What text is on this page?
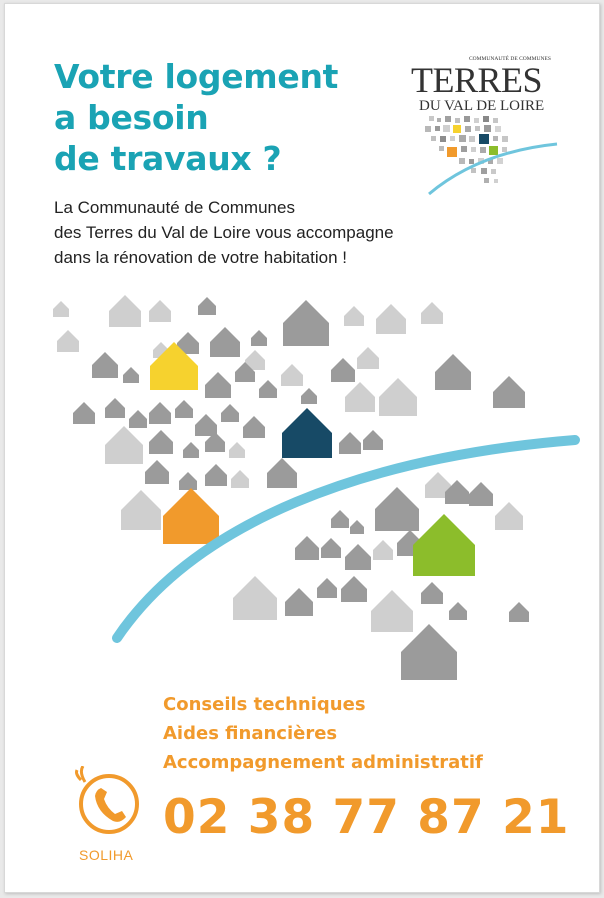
Votre logement
a besoin
de travaux ?
COMMUNAUTÉ DE COMMUNES
TERRES
DU VAL DE LOIRE
La Communauté de Communes
des Terres du Val de Loire vous accompagne
dans la rénovation de votre habitation !
Conseils techniques
Aides financières
Accompagnement administratif
SOLIHA
02 38 77 87 21
